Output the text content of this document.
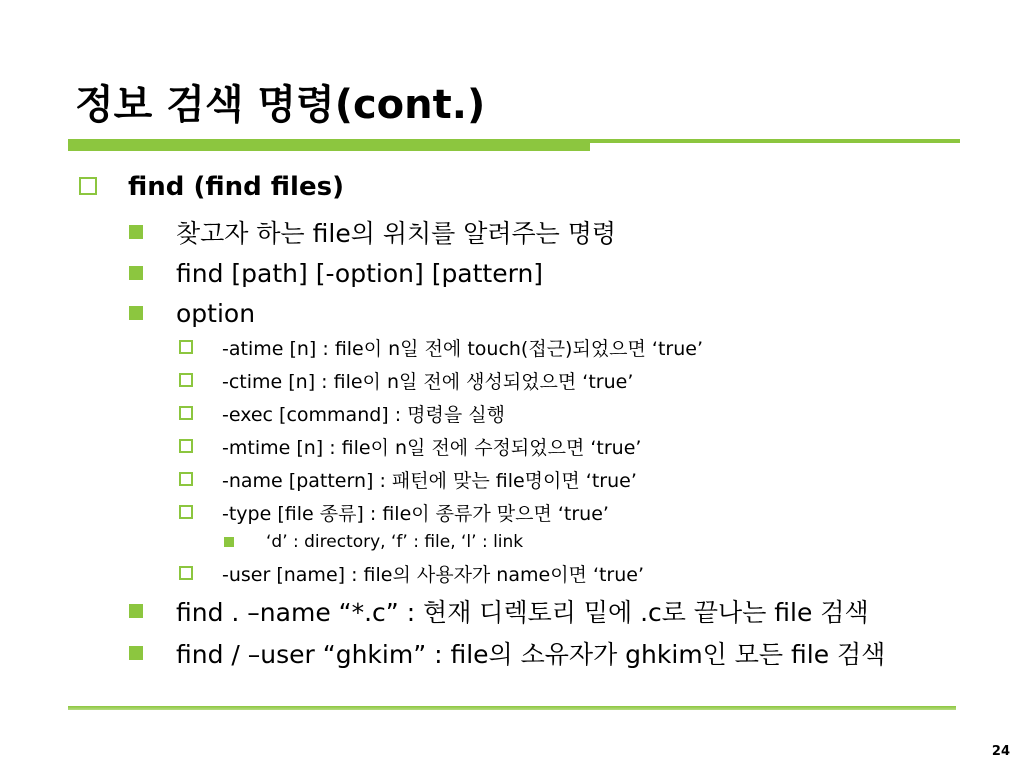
정보 검색 명령(cont.)
find (find files)
찾고자 하는 file의 위치를 알려주는 명령
find [path] [-option] [pattern]
option
-atime [n] : file이 n일 전에 touch(접근)되었으면 ‘true’
-ctime [n] : file이 n일 전에 생성되었으면 ‘true’
-exec [command] : 명령을 실행
-mtime [n] : file이 n일 전에 수정되었으면 ‘true’
-name [pattern] : 패턴에 맞는 file명이면 ‘true’
-type [file 종류] : file이 종류가 맞으면 ‘true’
‘d’ : directory, ‘f’ : file, ‘l’ : link
-user [name] : file의 사용자가 name이면 ‘true’
find . –name “*.c” : 현재 디렉토리 밑에 .c로 끝나는 file 검색
find / –user “ghkim” : file의 소유자가 ghkim인 모든 file 검색
24
